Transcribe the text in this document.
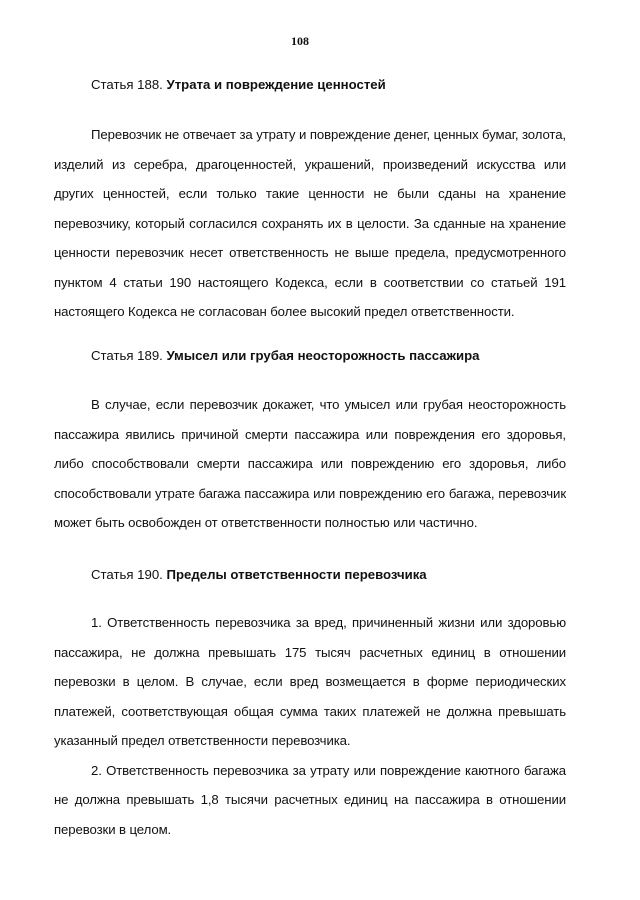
108
Статья 188. Утрата и повреждение ценностей

Перевозчик не отвечает за утрату и повреждение денег, ценных бумаг, золота, изделий из серебра, драгоценностей, украшений, произведений искусства или других ценностей, если только такие ценности не были сданы на хранение перевозчику, который согласился сохранять их в целости. За сданные на хранение ценности перевозчик несет ответственность не выше предела, предусмотренного пунктом 4 статьи 190 настоящего Кодекса, если в соответствии со статьей 191 настоящего Кодекса не согласован более высокий предел ответственности.

Статья 189. Умысел или грубая неосторожность пассажира

В случае, если перевозчик докажет, что умысел или грубая неосторожность пассажира явились причиной смерти пассажира или повреждения его здоровья, либо способствовали смерти пассажира или повреждению его здоровья, либо способствовали утрате багажа пассажира или повреждению его багажа, перевозчик может быть освобожден от ответственности полностью или частично.

Статья 190. Пределы ответственности перевозчика

1. Ответственность перевозчика за вред, причиненный жизни или здоровью пассажира, не должна превышать 175 тысяч расчетных единиц в отношении перевозки в целом. В случае, если вред возмещается в форме периодических платежей, соответствующая общая сумма таких платежей не должна превышать указанный предел ответственности перевозчика.

2. Ответственность перевозчика за утрату или повреждение каютного багажа не должна превышать 1,8 тысячи расчетных единиц на пассажира в отношении перевозки в целом.
